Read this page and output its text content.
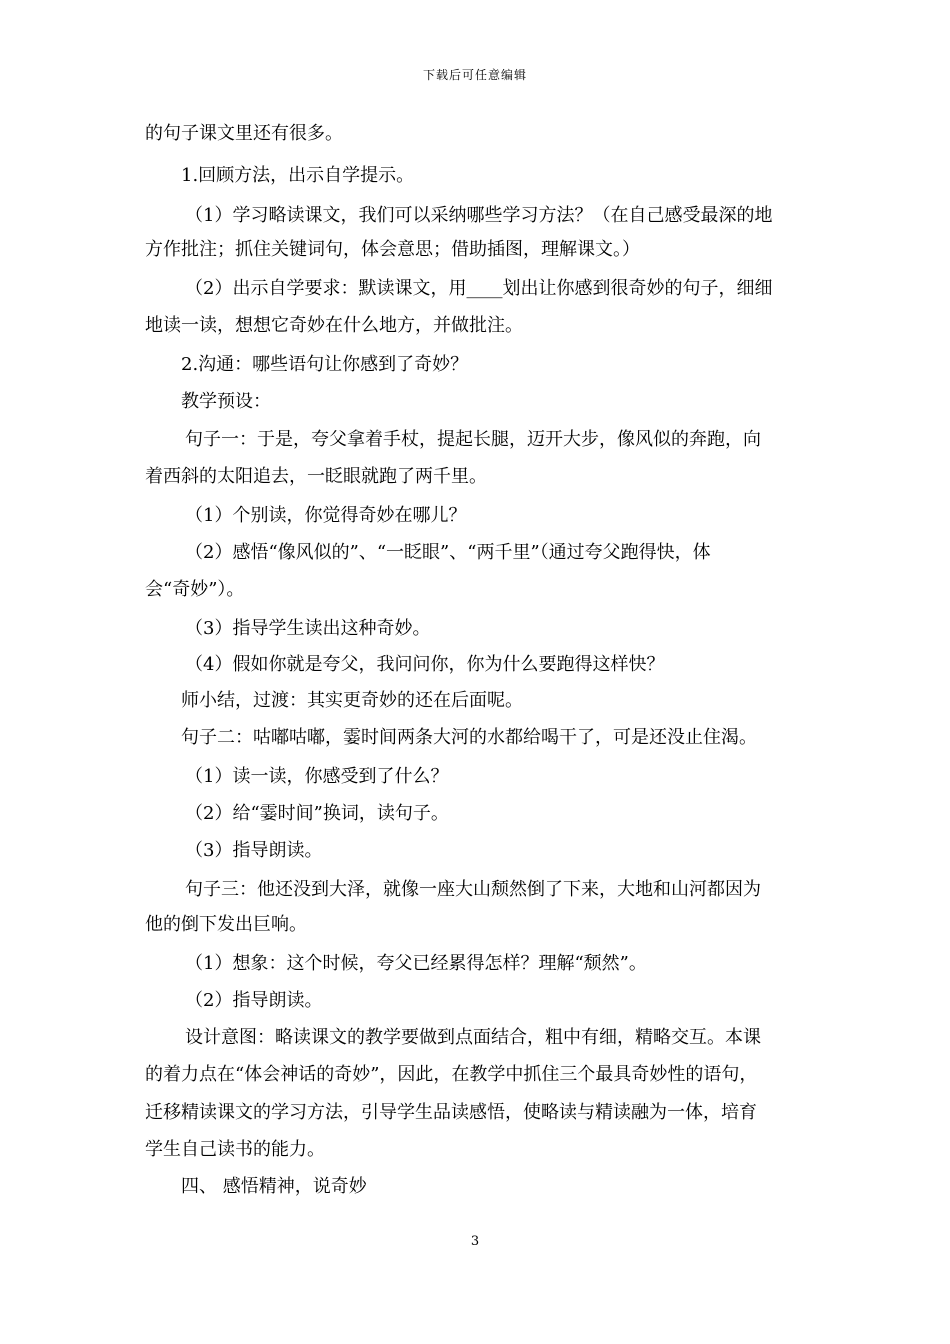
下载后可任意编辑
的句子课文里还有很多。
1.回顾方法，出示自学提示。
（1）学习略读课文，我们可以采纳哪些学习方法？（在自己感受最深的地
方作批注；抓住关键词句，体会意思；借助插图，理解课文。）
（2）出示自学要求：默读课文，用____划出让你感到很奇妙的句子，细细
地读一读，想想它奇妙在什么地方，并做批注。
2.沟通：哪些语句让你感到了奇妙？
教学预设：
句子一：于是，夸父拿着手杖，提起长腿，迈开大步，像风似的奔跑，向
着西斜的太阳追去，一眨眼就跑了两千里。
（1）个别读，你觉得奇妙在哪儿？
（2）感悟“像风似的”、“一眨眼”、“两千里”（通过夸父跑得快，体
会“奇妙”）。
（3）指导学生读出这种奇妙。
（4）假如你就是夸父，我问问你，你为什么要跑得这样快？
师小结，过渡：其实更奇妙的还在后面呢。
句子二：咕嘟咕嘟，霎时间两条大河的水都给喝干了，可是还没止住渴。
（1）读一读，你感受到了什么？
（2）给“霎时间”换词，读句子。
（3）指导朗读。
句子三：他还没到大泽，就像一座大山颓然倒了下来，大地和山河都因为
他的倒下发出巨响。
（1）想象：这个时候，夸父已经累得怎样？理解“颓然”。
（2）指导朗读。
设计意图：略读课文的教学要做到点面结合，粗中有细，精略交互。本课
的着力点在“体会神话的奇妙”，因此，在教学中抓住三个最具奇妙性的语句，
迁移精读课文的学习方法，引导学生品读感悟，使略读与精读融为一体，培育
学生自己读书的能力。
四、 感悟精神，说奇妙
3
